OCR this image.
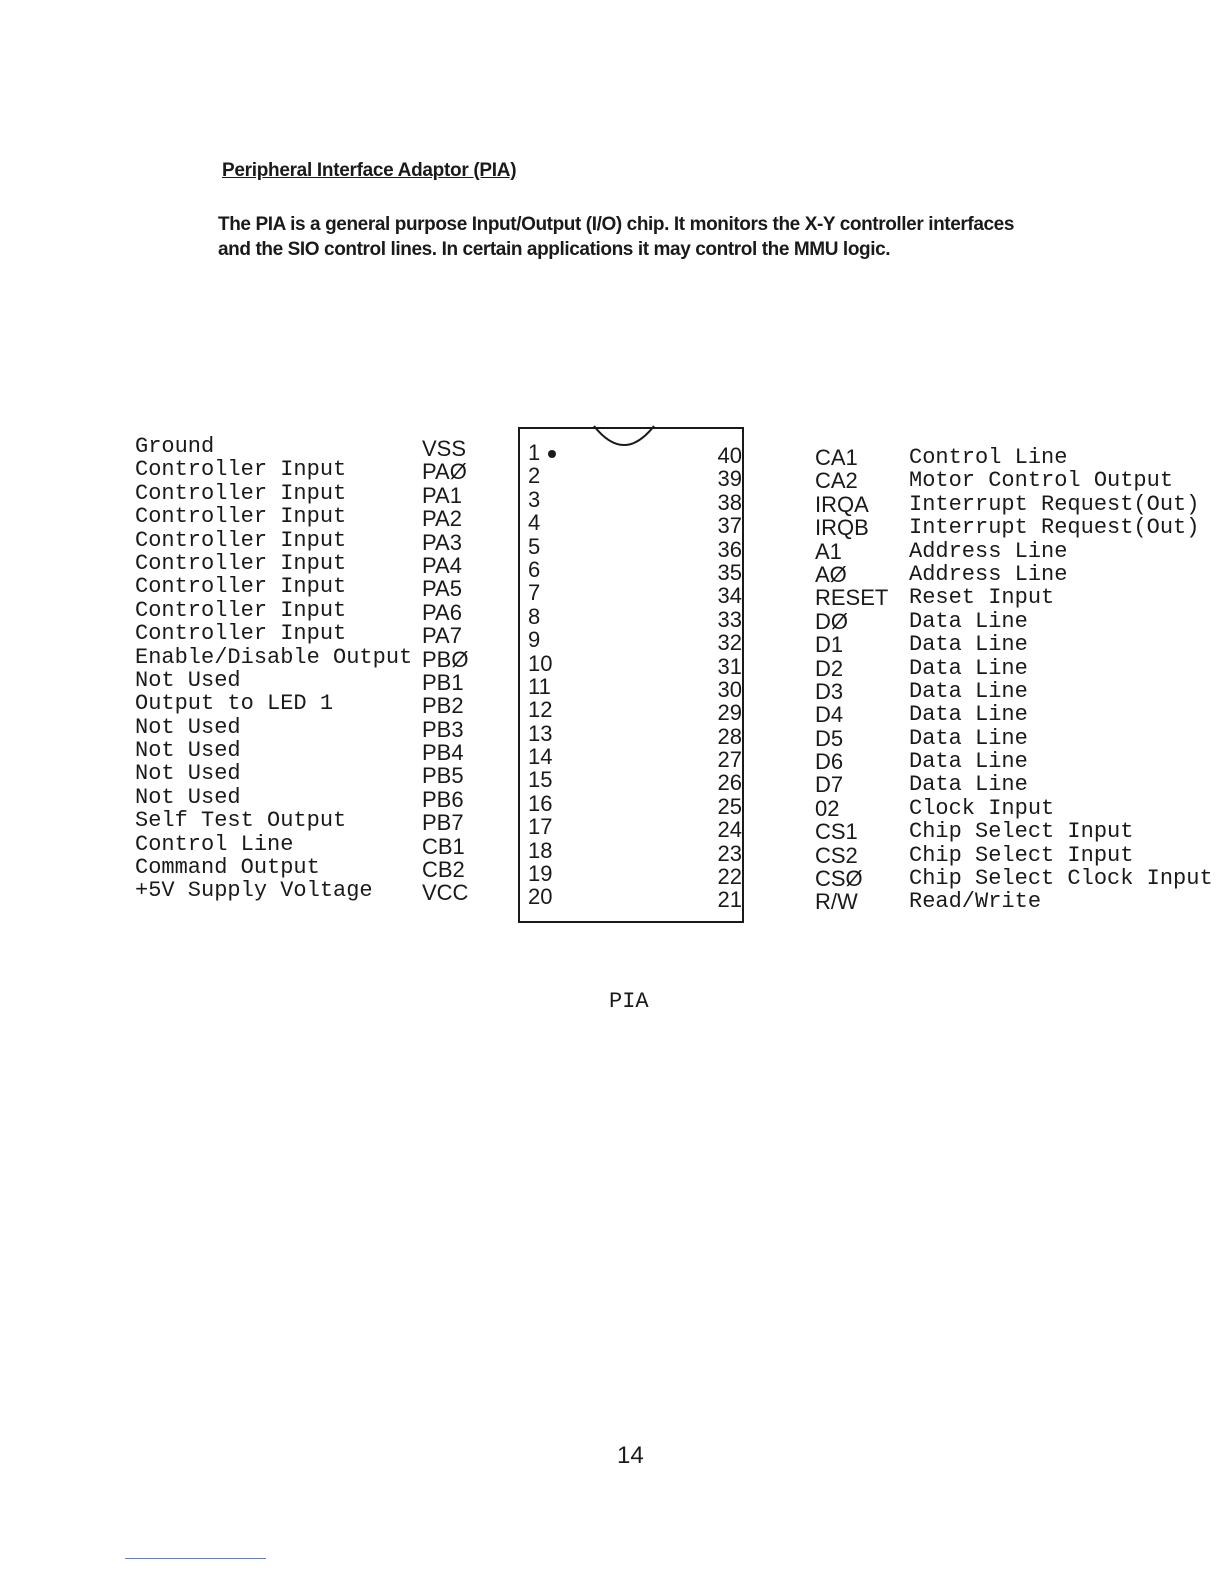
Peripheral Interface Adaptor (PIA)

The PIA is a general purpose Input/Output (I/O) chip. It monitors the X-Y controller interfaces

and the SIO control lines. In certain applications it may control the MMU logic.

Ground
Controller Input
Controller Input
Controller Input
Controller Input
Controller Input
Controller Input
Controller Input
Controller Input
Enable/Disable Output
Not Used
Output to LED 1
Not Used
Not Used
Not Used
Not Used
Self Test Output
Control Line
Command Output
+5V Supply Voltage
VSS
PAØ
PA1
PA2
PA3
PA4
PA5
PA6
PA7
PBØ
PB1
PB2
PB3
PB4
PB5
PB6
PB7
CB1
CB2
VCC
1
2
3
4
5
6
7
8
9
10
11
12
13
14
15
16
17
18
19
20
40
39
38
37
36
35
34
33
32
31
30
29
28
27
26
25
24
23
22
21
CA1
CA2
IRQA
IRQB
A1
AØ
RESET
DØ
D1
D2
D3
D4
D5
D6
D7
02
CS1
CS2
CSØ
R/W
Control Line
Motor Control Output
Interrupt Request(Out)
Interrupt Request(Out)
Address Line
Address Line
Reset Input
Data Line
Data Line
Data Line
Data Line
Data Line
Data Line
Data Line
Data Line
Clock Input
Chip Select Input
Chip Select Input
Chip Select Clock Input
Read/Write
PIA
14
